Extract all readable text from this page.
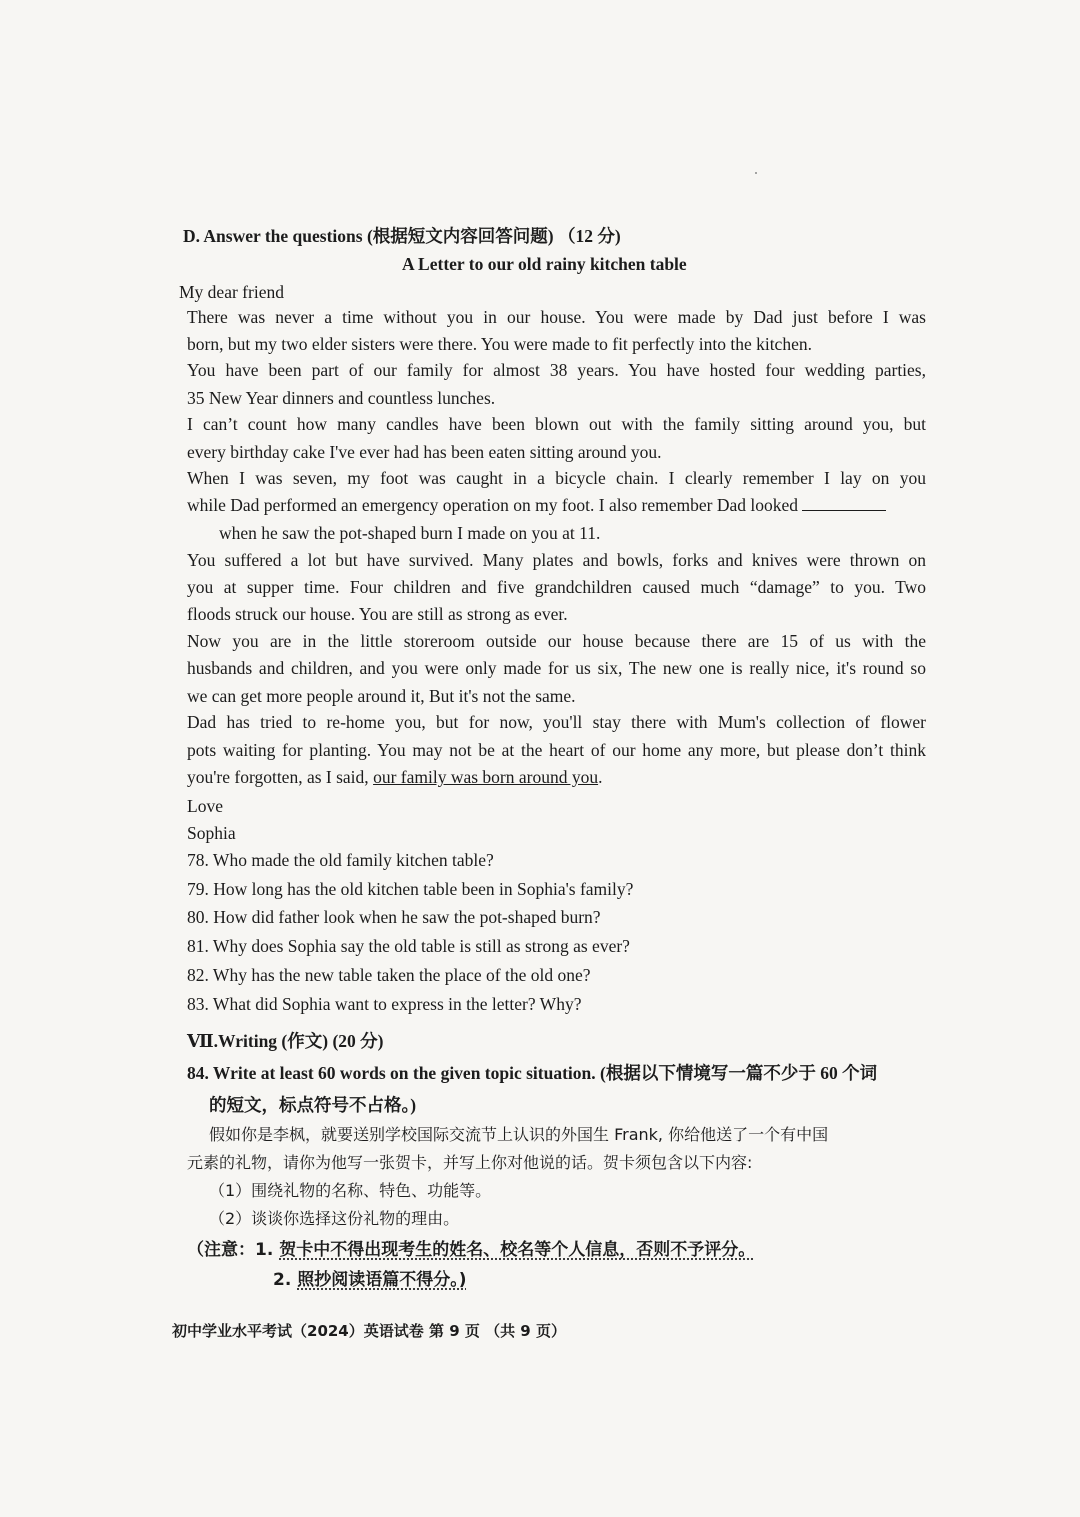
D. Answer the questions (根据短文内容回答问题) （12 分)
A Letter to our old rainy kitchen table
My dear friend
There was never a time without you in our house. You were made by Dad just before I was
born, but my two elder sisters were there. You were made to fit perfectly into the kitchen.
You have been part of our family for almost 38 years. You have hosted four wedding parties,
35 New Year dinners and countless lunches.
I can’t count how many candles have been blown out with the family sitting around you, but
every birthday cake I've ever had has been eaten sitting around you.
When I was seven, my foot was caught in a bicycle chain. I clearly remember I lay on you
while Dad performed an emergency operation on my foot. I also remember Dad looked
when he saw the pot-shaped burn I made on you at 11.
You suffered a lot but have survived. Many plates and bowls, forks and knives were thrown on
you at supper time. Four children and five grandchildren caused much “damage” to you. Two
floods struck our house. You are still as strong as ever.
Now you are in the little storeroom outside our house because there are 15 of us with the
husbands and children, and you were only made for us six, The new one is really nice, it's round so
we can get more people around it, But it's not the same.
Dad has tried to re-home you, but for now, you'll stay there with Mum's collection of flower
pots waiting for planting. You may not be at the heart of our home any more, but please don’t think
you're forgotten, as I said, our family was born around you.
Love
Sophia
78. Who made the old family kitchen table?
79. How long has the old kitchen table been in Sophia's family?
80. How did father look when he saw the pot-shaped burn?
81. Why does Sophia say the old table is still as strong as ever?
82. Why has the new table taken the place of the old one?
83. What did Sophia want to express in the letter? Why?
Ⅶ.Writing (作文) (20 分)
84. Write at least 60 words on the given topic situation. (根据以下情境写一篇不少于 60 个词
的短文，标点符号不占格。)
假如你是李枫，就要送别学校国际交流节上认识的外国生 Frank, 你给他送了一个有中国
元素的礼物，请你为他写一张贺卡，并写上你对他说的话。贺卡须包含以下内容:
（1）围绕礼物的名称、特色、功能等。
（2）谈谈你选择这份礼物的理由。
（注意：1. 贺卡中不得出现考生的姓名、校名等个人信息，否则不予评分。
2. 照抄阅读语篇不得分。)
初中学业水平考试（2024）英语试卷 第 9 页 （共 9 页）
